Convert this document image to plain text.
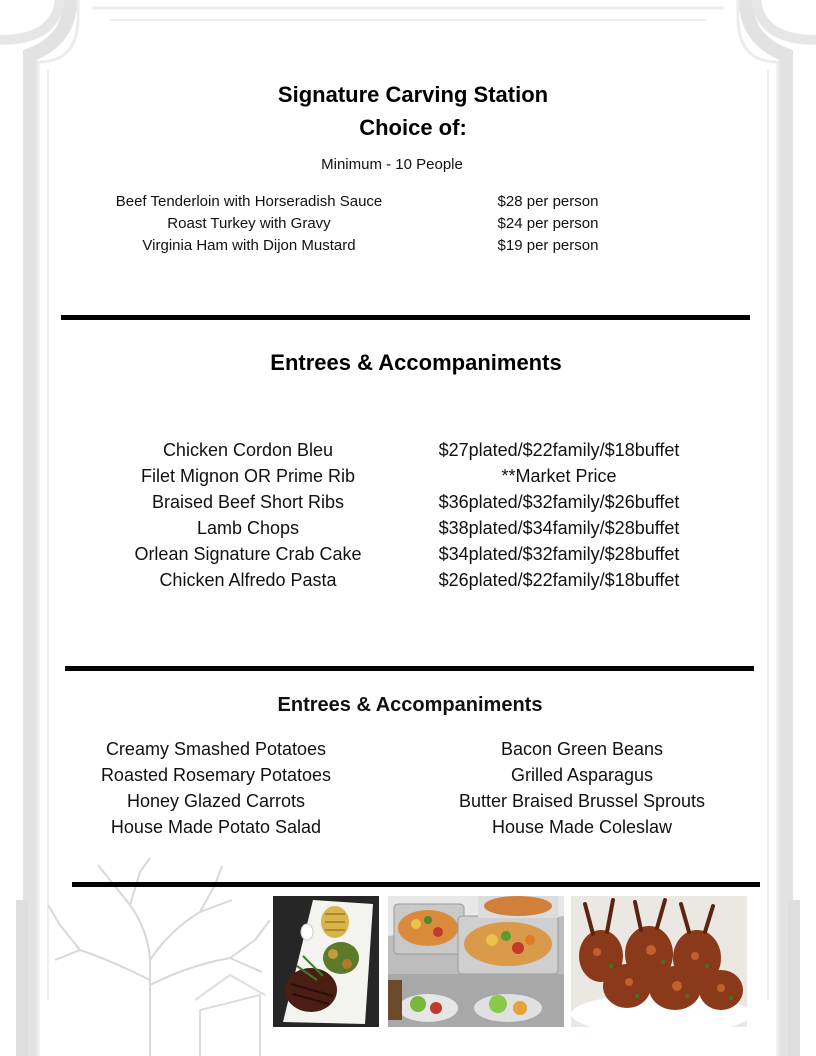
Signature Carving Station
Choice of:
Minimum - 10 People
Beef Tenderloin with Horseradish Sauce
Roast Turkey with Gravy
Virginia Ham with Dijon Mustard
$28 per person
$24 per person
$19 per person
Entrees & Accompaniments
Chicken Cordon Bleu
Filet Mignon OR Prime Rib
Braised Beef Short Ribs
Lamb Chops
Orlean Signature Crab Cake
Chicken Alfredo Pasta
$27plated/$22family/$18buffet
**Market Price
$36plated/$32family/$26buffet
$38plated/$34family/$28buffet
$34plated/$32family/$28buffet
$26plated/$22family/$18buffet
Entrees & Accompaniments
Creamy Smashed Potatoes
Roasted Rosemary Potatoes
Honey Glazed Carrots
House Made Potato Salad
Bacon Green Beans
Grilled Asparagus
Butter Braised Brussel Sprouts
House Made Coleslaw
